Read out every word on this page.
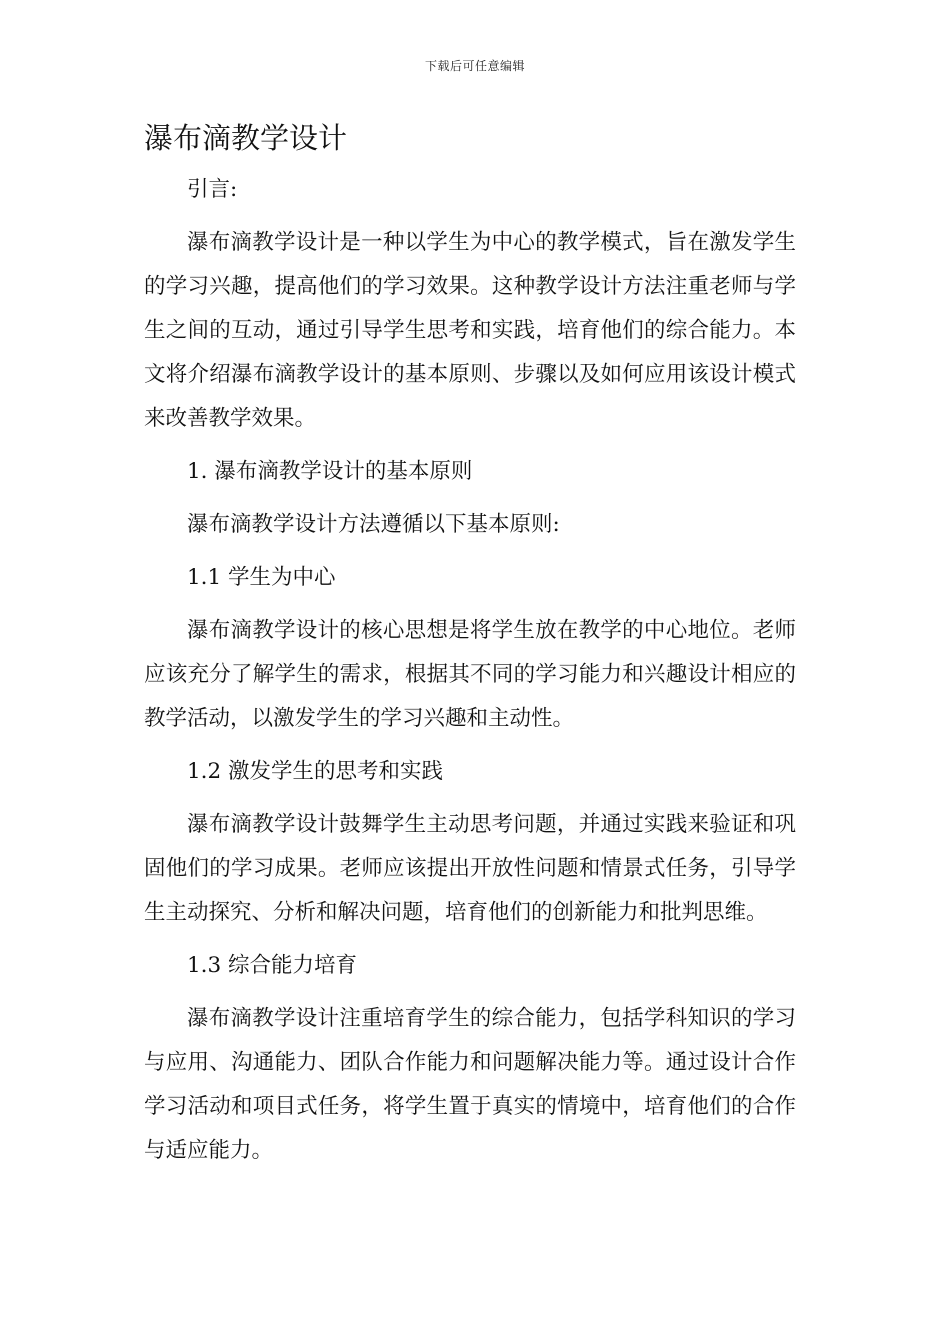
下载后可任意编辑
瀑布滴教学设计

引言:

瀑布滴教学设计是一种以学生为中心的教学模式，旨在激发学生的学习兴趣，提高他们的学习效果。这种教学设计方法注重老师与学生之间的互动，通过引导学生思考和实践，培育他们的综合能力。本文将介绍瀑布滴教学设计的基本原则、步骤以及如何应用该设计模式来改善教学效果。

1. 瀑布滴教学设计的基本原则

瀑布滴教学设计方法遵循以下基本原则:

1.1 学生为中心

瀑布滴教学设计的核心思想是将学生放在教学的中心地位。老师应该充分了解学生的需求，根据其不同的学习能力和兴趣设计相应的教学活动，以激发学生的学习兴趣和主动性。

1.2 激发学生的思考和实践

瀑布滴教学设计鼓舞学生主动思考问题，并通过实践来验证和巩固他们的学习成果。老师应该提出开放性问题和情景式任务，引导学生主动探究、分析和解决问题，培育他们的创新能力和批判思维。

1.3 综合能力培育

瀑布滴教学设计注重培育学生的综合能力，包括学科知识的学习与应用、沟通能力、团队合作能力和问题解决能力等。通过设计合作学习活动和项目式任务，将学生置于真实的情境中，培育他们的合作与适应能力。
